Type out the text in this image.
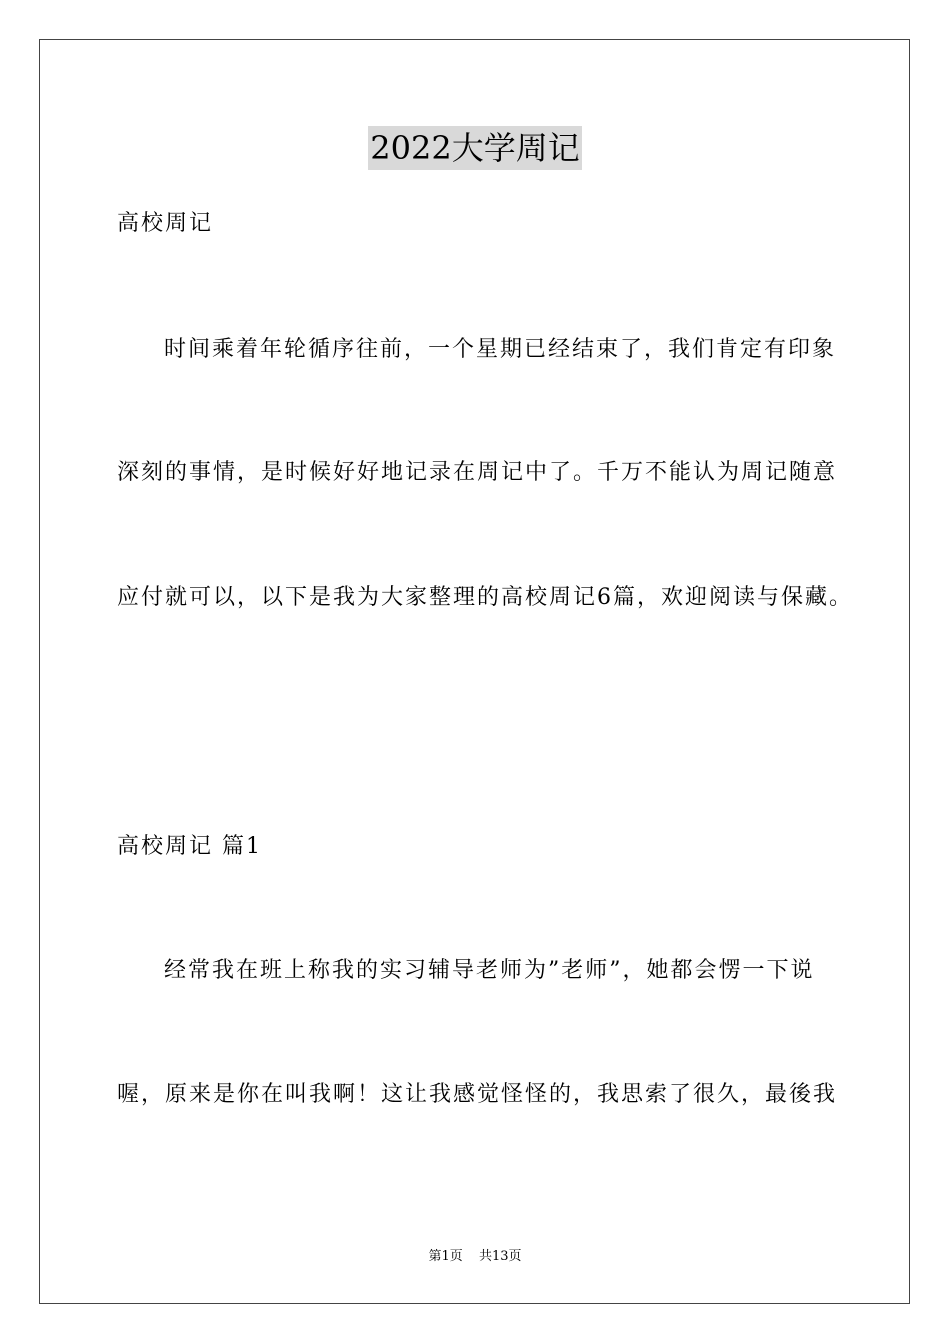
2022大学周记
高校周记
时间乘着年轮循序往前，一个星期已经结束了，我们肯定有印象
深刻的事情，是时候好好地记录在周记中了。千万不能认为周记随意
应付就可以，以下是我为大家整理的高校周记6篇，欢迎阅读与保藏。
高校周记 篇1
经常我在班上称我的实习辅导老师为”老师”，她都会愣一下说
喔，原来是你在叫我啊！这让我感觉怪怪的，我思索了很久，最後我
第1页 共13页
